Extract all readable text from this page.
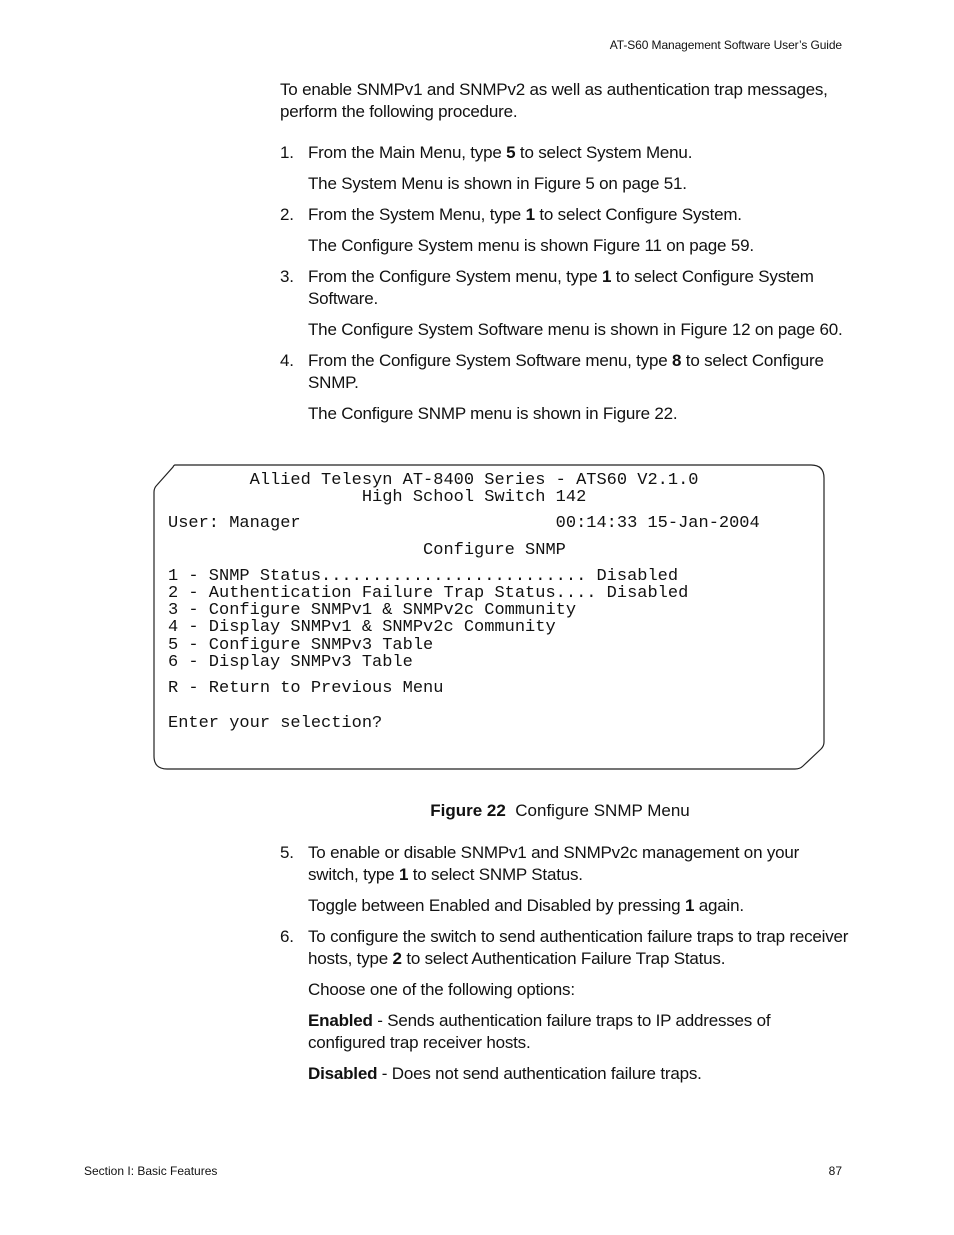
AT-S60 Management Software User’s Guide
To enable SNMPv1 and SNMPv2 as well as authentication trap messages, perform the following procedure.
1. From the Main Menu, type 5 to select System Menu.
The System Menu is shown in Figure 5 on page 51.
2. From the System Menu, type 1 to select Configure System.
The Configure System menu is shown Figure 11 on page 59.
3. From the Configure System menu, type 1 to select Configure System Software.
The Configure System Software menu is shown in Figure 12 on page 60.
4. From the Configure System Software menu, type 8 to select Configure SNMP.
The Configure SNMP menu is shown in Figure 22.
Allied Telesyn AT-8400 Series - ATS60 V2.1.0
High School Switch 142
User: Manager                         00:14:33 15-Jan-2004
Configure SNMP
1 - SNMP Status.......................... Disabled
2 - Authentication Failure Trap Status.... Disabled
3 - Configure SNMPv1 & SNMPv2c Community
4 - Display SNMPv1 & SNMPv2c Community
5 - Configure SNMPv3 Table
6 - Display SNMPv3 Table
R - Return to Previous Menu
Enter your selection?
Figure 22 Configure SNMP Menu
5. To enable or disable SNMPv1 and SNMPv2c management on your switch, type 1 to select SNMP Status.
Toggle between Enabled and Disabled by pressing 1 again.
6. To configure the switch to send authentication failure traps to trap receiver hosts, type 2 to select Authentication Failure Trap Status.
Choose one of the following options:
Enabled - Sends authentication failure traps to IP addresses of configured trap receiver hosts.
Disabled - Does not send authentication failure traps.
Section I: Basic Features	87
